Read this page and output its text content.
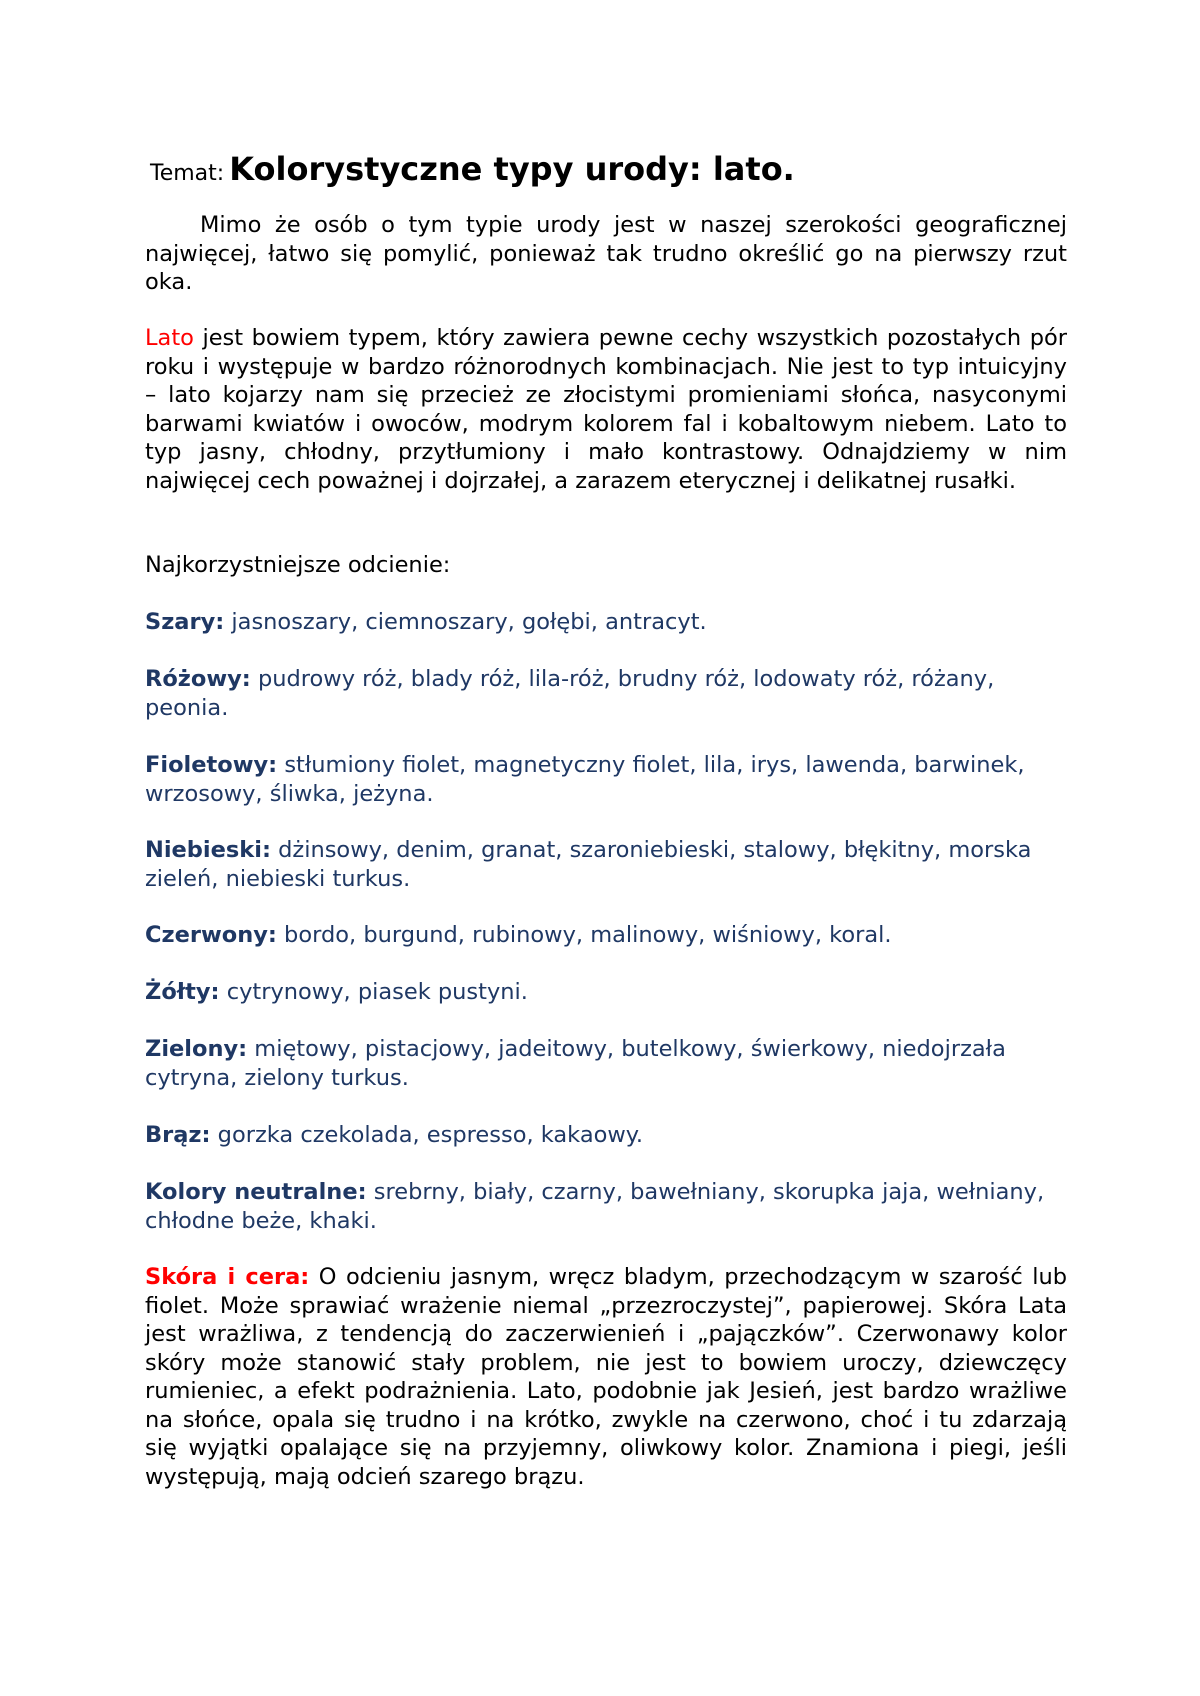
Temat: Kolorystyczne typy urody: lato.

Mimo że osób o tym typie urody jest w naszej szerokości geograficznej najwięcej, łatwo się pomylić, ponieważ tak trudno określić go na pierwszy rzut oka.

Lato jest bowiem typem, który zawiera pewne cechy wszystkich pozostałych pór roku i występuje w bardzo różnorodnych kombinacjach. Nie jest to typ intuicyjny – lato kojarzy nam się przecież ze złocistymi promieniami słońca, nasyconymi barwami kwiatów i owoców, modrym kolorem fal i kobaltowym niebem. Lato to typ jasny, chłodny, przytłumiony i mało kontrastowy. Odnajdziemy w nim najwięcej cech poważnej i dojrzałej, a zarazem eterycznej i delikatnej rusałki.

Najkorzystniejsze odcienie:

Szary: jasnoszary, ciemnoszary, gołębi, antracyt.

Różowy: pudrowy róż, blady róż, lila-róż, brudny róż, lodowaty róż, różany, peonia.

Fioletowy: stłumiony fiolet, magnetyczny fiolet, lila, irys, lawenda, barwinek, wrzosowy, śliwka, jeżyna.

Niebieski: dżinsowy, denim, granat, szaroniebieski, stalowy, błękitny, morska zieleń, niebieski turkus.

Czerwony: bordo, burgund, rubinowy, malinowy, wiśniowy, koral.

Żółty: cytrynowy, piasek pustyni.

Zielony: miętowy, pistacjowy, jadeitowy, butelkowy, świerkowy, niedojrzała cytryna, zielony turkus.

Brąz: gorzka czekolada, espresso, kakaowy.

Kolory neutralne: srebrny, biały, czarny, bawełniany, skorupka jaja, wełniany, chłodne beże, khaki.

Skóra i cera: O odcieniu jasnym, wręcz bladym, przechodzącym w szarość lub fiolet. Może sprawiać wrażenie niemal „przezroczystej”, papierowej. Skóra Lata jest wrażliwa, z tendencją do zaczerwienień i „pajączków”. Czerwonawy kolor skóry może stanowić stały problem, nie jest to bowiem uroczy, dziewczęcy rumieniec, a efekt podrażnienia. Lato, podobnie jak Jesień, jest bardzo wrażliwe na słońce, opala się trudno i na krótko, zwykle na czerwono, choć i tu zdarzają się wyjątki opalające się na przyjemny, oliwkowy kolor. Znamiona i piegi, jeśli występują, mają odcień szarego brązu.
